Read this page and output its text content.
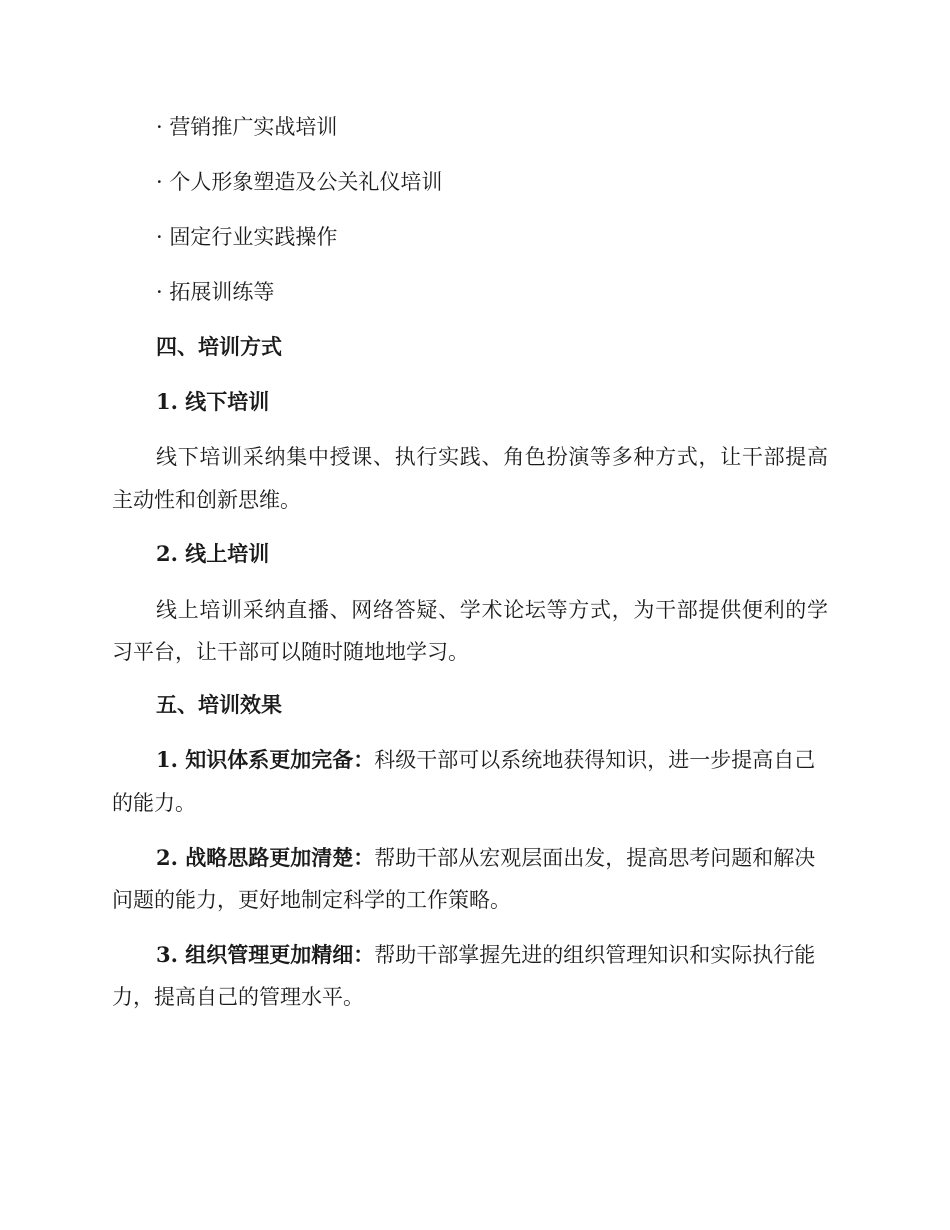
· 营销推广实战培训
· 个人形象塑造及公关礼仪培训
· 固定行业实践操作
· 拓展训练等
四、培训方式
1. 线下培训
线下培训采纳集中授课、执行实践、角色扮演等多种方式，让干部提高
主动性和创新思维。
2. 线上培训
线上培训采纳直播、网络答疑、学术论坛等方式，为干部提供便利的学
习平台，让干部可以随时随地地学习。
五、培训效果
1. 知识体系更加完备：科级干部可以系统地获得知识，进一步提高自己
的能力。
2. 战略思路更加清楚：帮助干部从宏观层面出发，提高思考问题和解决
问题的能力，更好地制定科学的工作策略。
3. 组织管理更加精细：帮助干部掌握先进的组织管理知识和实际执行能
力，提高自己的管理水平。
